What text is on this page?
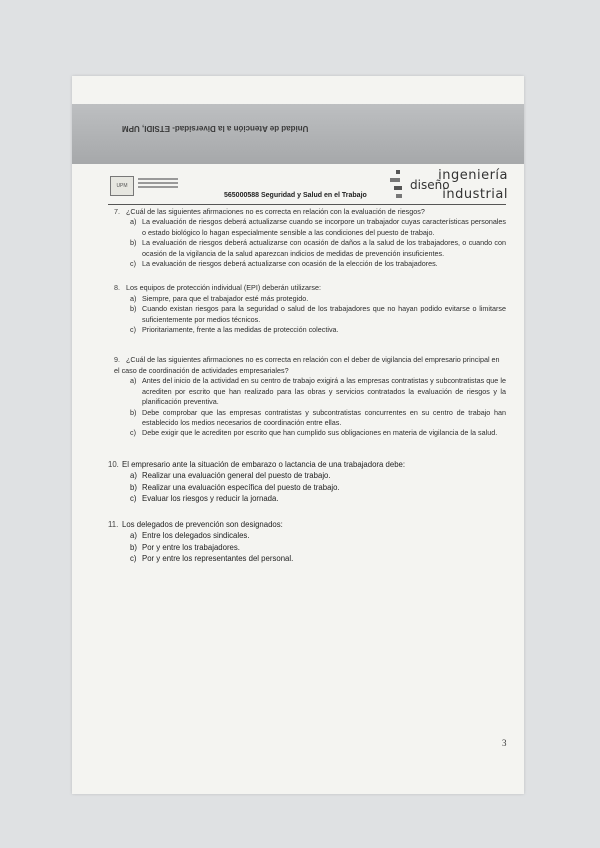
Unidad de Atención a la Diversidad- ETSIDI, UPM
UPM
565000588 Seguridad y Salud en el Trabajo
ingeniería
diseño
industrial
7. ¿Cuál de las siguientes afirmaciones no es correcta en relación con la evaluación de riesgos?
a) La evaluación de riesgos deberá actualizarse cuando se incorpore un trabajador cuyas características personales o estado biológico lo hagan especialmente sensible a las condiciones del puesto de trabajo.
b) La evaluación de riesgos deberá actualizarse con ocasión de daños a la salud de los trabajadores, o cuando con ocasión de la vigilancia de la salud aparezcan indicios de medidas de prevención insuficientes.
c) La evaluación de riesgos deberá actualizarse con ocasión de la elección de los trabajadores.
8. Los equipos de protección individual (EPI) deberán utilizarse:
a) Siempre, para que el trabajador esté más protegido.
b) Cuando existan riesgos para la seguridad o salud de los trabajadores que no hayan podido evitarse o limitarse suficientemente por medios técnicos.
c) Prioritariamente, frente a las medidas de protección colectiva.
9. ¿Cuál de las siguientes afirmaciones no es correcta en relación con el deber de vigilancia del empresario principal en el caso de coordinación de actividades empresariales?
a) Antes del inicio de la actividad en su centro de trabajo exigirá a las empresas contratistas y subcontratistas que le acrediten por escrito que han realizado para las obras y servicios contratados la evaluación de riesgos y la planificación preventiva.
b) Debe comprobar que las empresas contratistas y subcontratistas concurrentes en su centro de trabajo han establecido los medios necesarios de coordinación entre ellas.
c) Debe exigir que le acrediten por escrito que han cumplido sus obligaciones en materia de vigilancia de la salud.
10. El empresario ante la situación de embarazo o lactancia de una trabajadora debe:
a) Realizar una evaluación general del puesto de trabajo.
b) Realizar una evaluación específica del puesto de trabajo.
c) Evaluar los riesgos y reducir la jornada.
11. Los delegados de prevención son designados:
a) Entre los delegados sindicales.
b) Por y entre los trabajadores.
c) Por y entre los representantes del personal.
3
